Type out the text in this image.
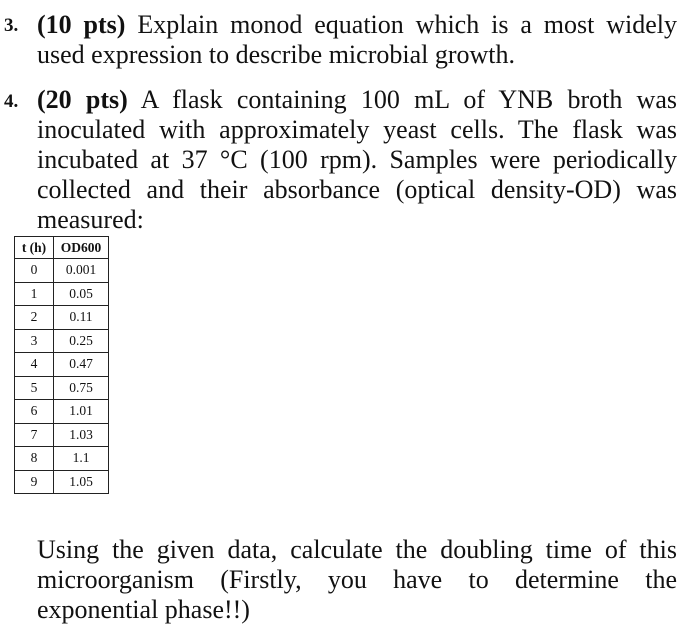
3. (10 pts) Explain monod equation which is a most widely
used expression to describe microbial growth.
4. (20 pts) A flask containing 100 mL of YNB broth was
inoculated with approximately yeast cells. The flask was
incubated at 37 °C (100 rpm). Samples were periodically
collected and their absorbance (optical density-OD) was
measured:
t (h)	OD600
0	0.001
1	0.05
2	0.11
3	0.25
4	0.47
5	0.75
6	1.01
7	1.03
8	1.1
9	1.05
Using the given data, calculate the doubling time of this
microorganism (Firstly, you have to determine the
exponential phase!!)
